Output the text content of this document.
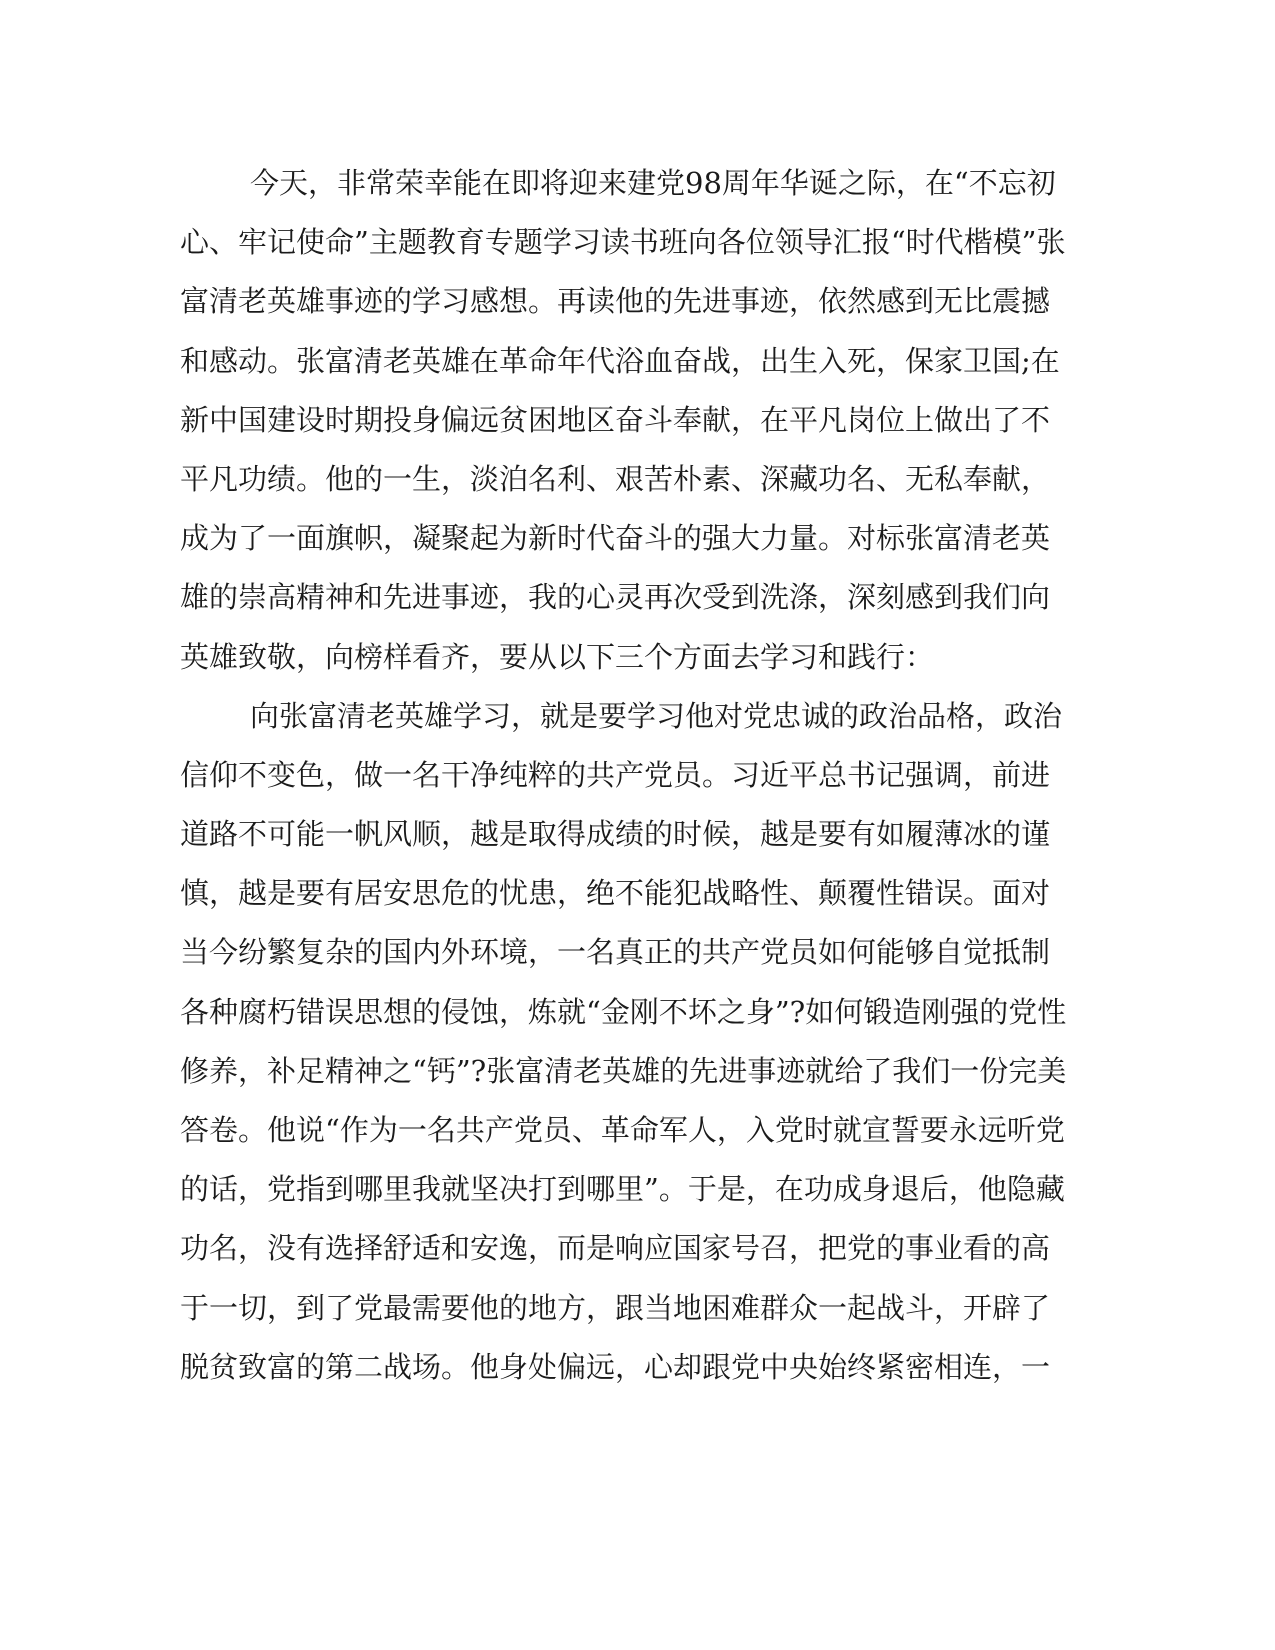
今天，非常荣幸能在即将迎来建党98周年华诞之际，在“不忘初
心、牢记使命”主题教育专题学习读书班向各位领导汇报“时代楷模”张
富清老英雄事迹的学习感想。再读他的先进事迹，依然感到无比震撼
和感动。张富清老英雄在革命年代浴血奋战，出生入死，保家卫国;在
新中国建设时期投身偏远贫困地区奋斗奉献，在平凡岗位上做出了不
平凡功绩。他的一生，淡泊名利、艰苦朴素、深藏功名、无私奉献，
成为了一面旗帜，凝聚起为新时代奋斗的强大力量。对标张富清老英
雄的崇高精神和先进事迹，我的心灵再次受到洗涤，深刻感到我们向
英雄致敬，向榜样看齐，要从以下三个方面去学习和践行：
向张富清老英雄学习，就是要学习他对党忠诚的政治品格，政治
信仰不变色，做一名干净纯粹的共产党员。习近平总书记强调，前进
道路不可能一帆风顺，越是取得成绩的时候，越是要有如履薄冰的谨
慎，越是要有居安思危的忧患，绝不能犯战略性、颠覆性错误。面对
当今纷繁复杂的国内外环境，一名真正的共产党员如何能够自觉抵制
各种腐朽错误思想的侵蚀，炼就“金刚不坏之身”?如何锻造刚强的党性
修养，补足精神之“钙”?张富清老英雄的先进事迹就给了我们一份完美
答卷。他说“作为一名共产党员、革命军人，入党时就宣誓要永远听党
的话，党指到哪里我就坚决打到哪里”。于是，在功成身退后，他隐藏
功名，没有选择舒适和安逸，而是响应国家号召，把党的事业看的高
于一切，到了党最需要他的地方，跟当地困难群众一起战斗，开辟了
脱贫致富的第二战场。他身处偏远，心却跟党中央始终紧密相连，一
